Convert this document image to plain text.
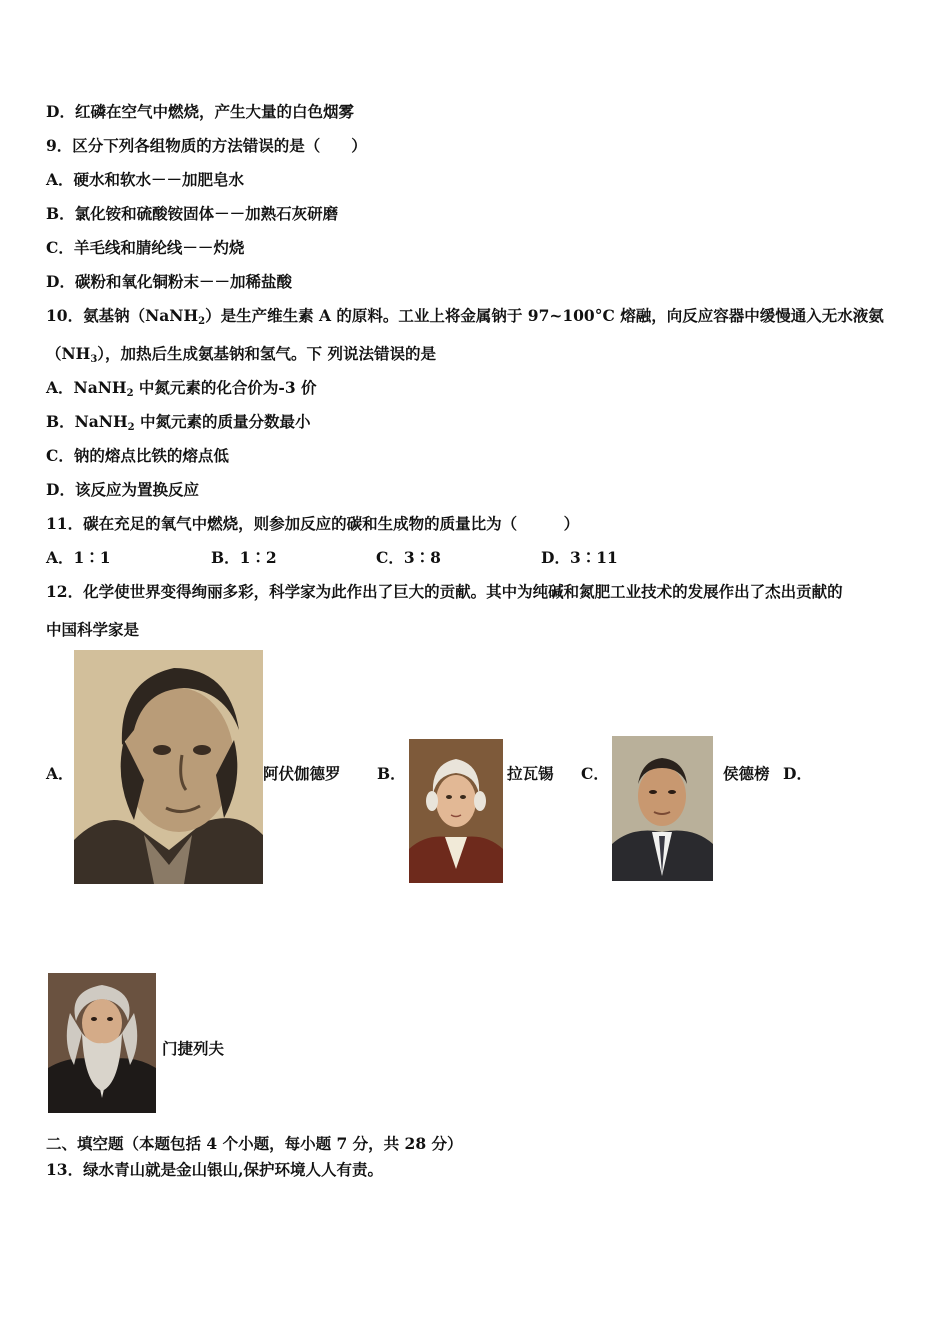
D．红磷在空气中燃烧，产生大量的白色烟雾
9．区分下列各组物质的方法错误的是（　　）
A．硬水和软水－－加肥皂水
B．氯化铵和硫酸铵固体－－加熟石灰研磨
C．羊毛线和腈纶线－－灼烧
D．碳粉和氧化铜粉末－－加稀盐酸
10．氨基钠（NaNH$_2$）是生产维生素 A 的原料。工业上将金属钠于 97~100°C 熔融，向反应容器中缓慢通入无水液氨
$(NH_3)$，加热后生成氨基钠和氢气。下 列说法错误的是
A．NaNH$_2$ 中氮元素的化合价为-3 价
B．NaNH$_2$ 中氮元素的质量分数最小
C．钠的熔点比铁的熔点低
D．该反应为置换反应
11．碳在充足的氧气中燃烧，则参加反应的碳和生成物的质量比为（　　　）
A．1∶1	B．1∶2	C．3∶8	D．3∶11
12．化学使世界变得绚丽多彩，科学家为此作出了巨大的贡献。其中为纯碱和氮肥工业技术的发展作出了杰出贡献的
中国科学家是
A．	阿伏伽德罗 B．	拉瓦锡 C．	侯德榜 D．
门捷列夫
二、填空题（本题包括 4 个小题，每小题 7 分，共 28 分）
13．绿水青山就是金山银山,保护环境人人有责。
